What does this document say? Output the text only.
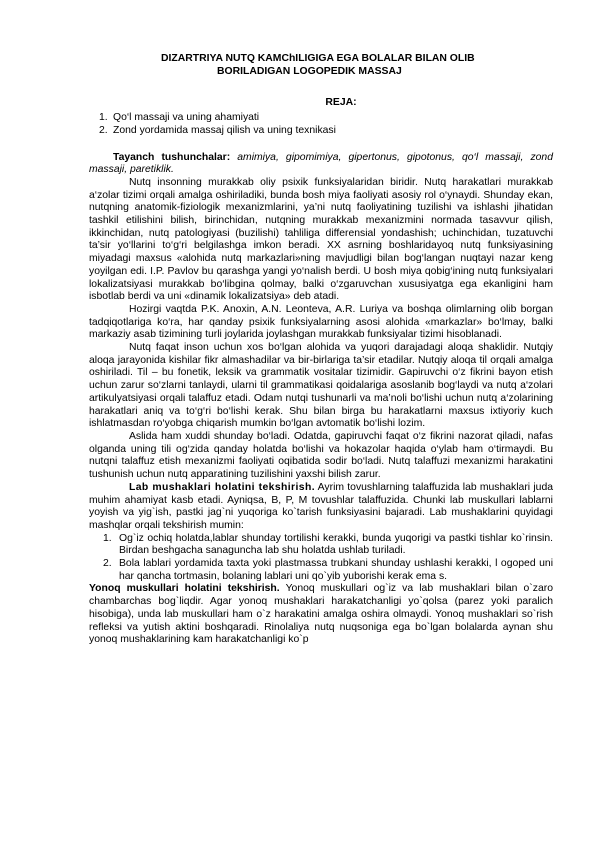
DIZARTRIYA NUTQ KAMChILIGIGA EGA BOLALAR BILAN OLIB
BORILADIGAN LOGOPEDIK MASSAJ
REJA:
1. Qo‘l massaji va uning ahamiyati
2. Zond yordamida massaj qilish va uning texnikasi
Tayanch tushunchalar: amimiya, gipomimiya, gipertonus, gipotonus, qo‘l massaji, zond massaji, paretiklik.

Nutq insonning murakkab oliy psixik funksiyalaridan biridir. Nutq harakatlari murakkab a‘zolar tizimi orqali amalga oshiriladiki, bunda bosh miya faoliyati asosiy rol o‘ynaydi. Shunday ekan, nutqning anatomik-fiziologik mexanizmlarini, ya’ni nutq faoliyatining tuzilishi va ishlashi jihatidan tashkil etilishini bilish, birinchidan, nutqning murakkab mexanizmini normada tasavvur qilish, ikkinchidan, nutq patologiyasi (buzilishi) tahliliga differensial yondashish; uchinchidan, tuzatuvchi ta’sir yo‘llarini to‘g‘ri belgilashga imkon beradi. XX asrning boshlaridayoq nutq funksiyasining miyadagi maxsus «alohida nutq markazlari»ning mavjudligi bilan bog‘langan nuqtayi nazar keng yoyilgan edi. I.P. Pavlov bu qarashga yangi yo‘nalish berdi. U bosh miya qobig‘ining nutq funksiyalari lokalizatsiyasi murakkab bo‘libgina qolmay, balki o‘zgaruvchan xususiyatga ega ekanligini ham isbotlab berdi va uni «dinamik lokalizatsiya» deb atadi.

Hozirgi vaqtda P.K. Anoxin, A.N. Leonteva, A.R. Luriya va boshqa olimlarning olib borgan tadqiqotlariga ko‘ra, har qanday psixik funksiyalarning asosi alohida «markazlar» bo‘lmay, balki markaziy asab tizimining turli joylarida joylashgan murakkab funksiyalar tizimi hisoblanadi.

Nutq faqat inson uchun xos bo‘lgan alohida va yuqori darajadagi aloqa shaklidir. Nutqiy aloqa jarayonida kishilar fikr almashadilar va bir-birlariga ta’sir etadilar. Nutqiy aloqa til orqali amalga oshiriladi. Til – bu fonetik, leksik va grammatik vositalar tizimidir. Gapiruvchi o‘z fikrini bayon etish uchun zarur so‘zlarni tanlaydi, ularni til grammatikasi qoidalariga asoslanib bog‘laydi va nutq a‘zolari artikulyatsiyasi orqali talaffuz etadi. Odam nutqi tushunarli va ma’noli bo‘lishi uchun nutq a‘zolarining harakatlari aniq va to‘g‘ri bo‘lishi kerak. Shu bilan birga bu harakatlarni maxsus ixtiyoriy kuch ishlatmasdan ro‘yobga chiqarish mumkin bo‘lgan avtomatik bo‘lishi lozim.

Aslida ham xuddi shunday bo‘ladi. Odatda, gapiruvchi faqat o‘z fikrini nazorat qiladi, nafas olganda uning tili og‘zida qanday holatda bo‘lishi va hokazolar haqida o‘ylab ham o‘tirmaydi. Bu nutqni talaffuz etish mexanizmi faoliyati oqibatida sodir bo‘ladi. Nutq talaffuzi mexanizmi harakatini tushunish uchun nutq apparatining tuzilishini yaxshi bilish zarur.

Lab mushaklari holatini tekshirish. Ayrim tovushlarning talaffuzida lab mushaklari juda muhim ahamiyat kasb etadi. Ayniqsa, B, P, M tovushlar talaffuzida. Chunki lab muskullari lablarni yoyish va yig`ish, pastki jag`ni yuqoriga ko`tarish funksiyasini bajaradi. Lab mushaklarini quyidagi mashqlar orqali tekshirish mumin:

1. Og`iz ochiq holatda,lablar shunday tortilishi kerakki, bunda yuqorigi va pastki tishlar ko`rinsin. Birdan beshgacha sanaguncha lab shu holatda ushlab turiladi.
2. Bola lablari yordamida taxta yoki plastmassa trubkani shunday ushlashi kerakki, l ogoped uni har qancha tortmasin, bolaning lablari uni qo`yib yuborishi kerak ema s.

Yonoq muskullari holatini tekshirish. Yonoq muskullari og`iz va lab mushaklari bilan o`zaro chambarchas bog`liqdir. Agar yonoq mushaklari harakatchanligi yo`qolsa (parez yoki paralich hisobiga), unda lab muskullari ham o`z harakatini amalga oshira olmaydi. Yonoq mushaklari so`rish refleksi va yutish aktini boshqaradi. Rinolaliya nutq nuqsoniga ega bo`lgan bolalarda aynan shu yonoq mushaklarining kam harakatchanligi ko`p
